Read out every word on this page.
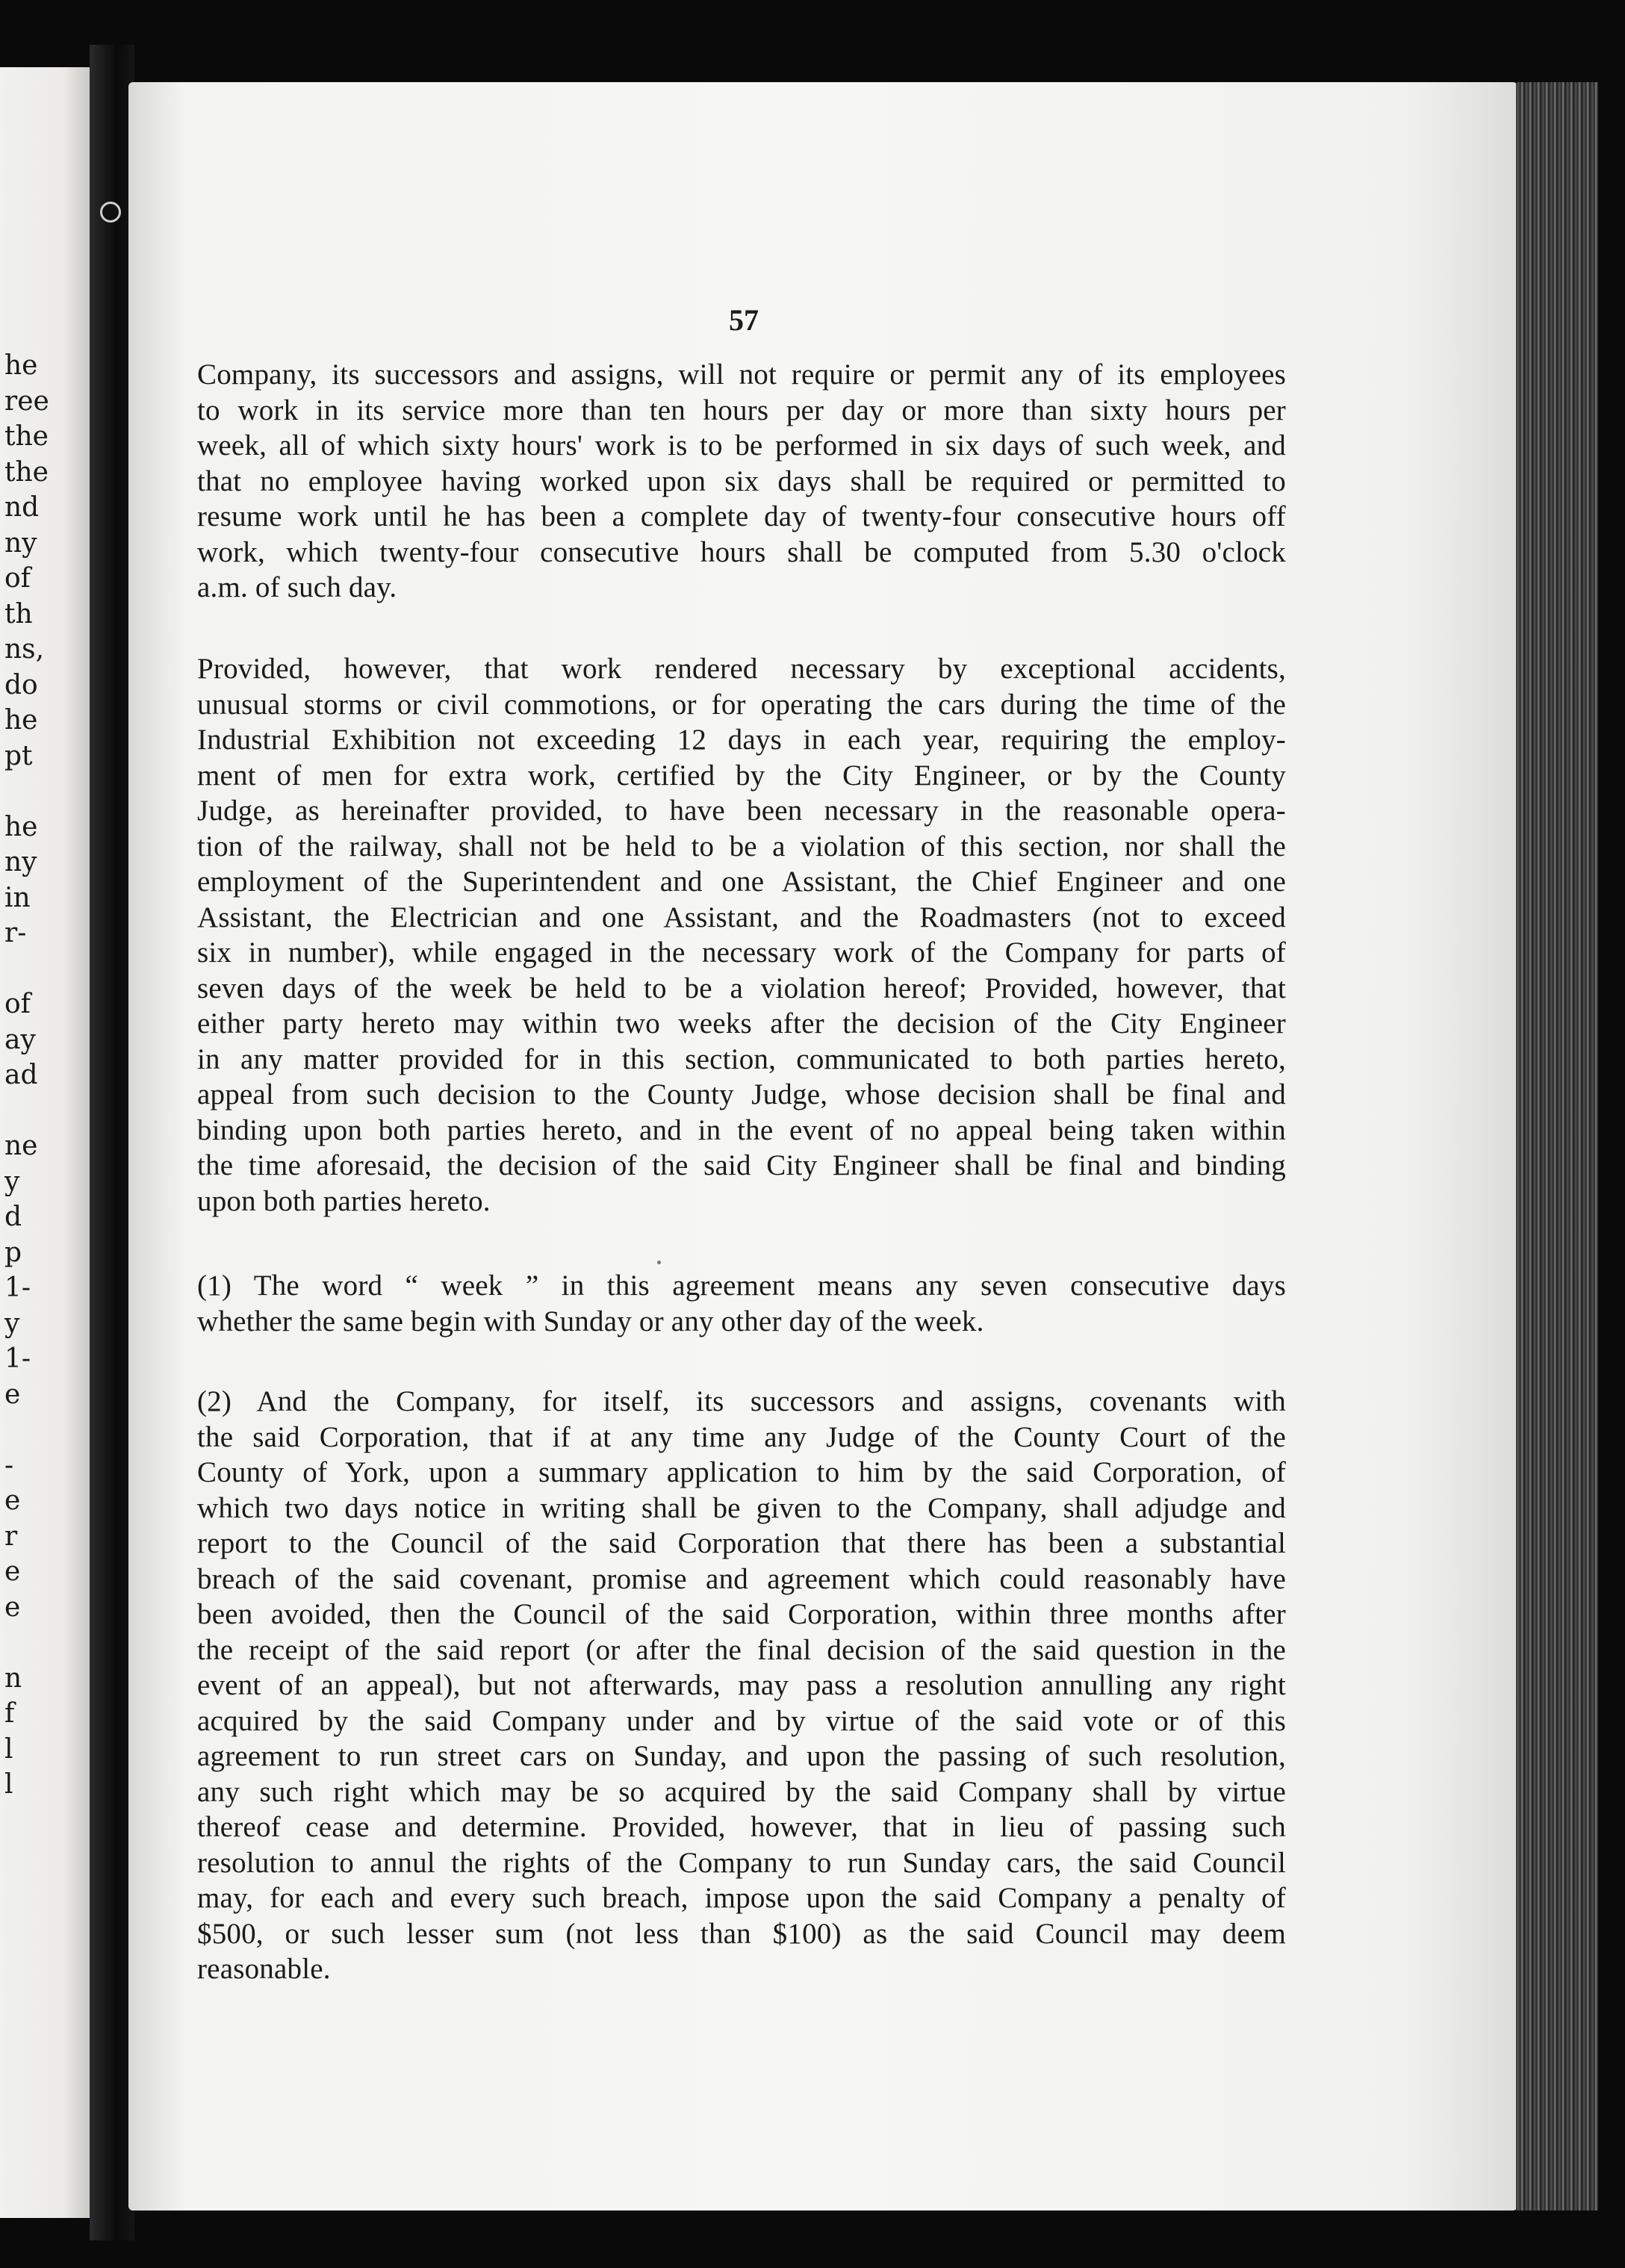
he
ree
the
the
nd
ny
of
th
ns,
do
he
pt
he
ny
in
r-
of
ay
ad
ne
y
d
p
1-
y
1-
e
-
e
r
e
e
n
f
l
l
57
Company, its successors and assigns, will not require or permit any of its employees
to work in its service more than ten hours per day or more than sixty hours per
week, all of which sixty hours' work is to be performed in six days of such week, and
that no employee having worked upon six days shall be required or permitted to
resume work until he has been a complete day of twenty-four consecutive hours off
work, which twenty-four consecutive hours shall be computed from 5.30 o'clock
a.m. of such day.
Provided, however, that work rendered necessary by exceptional accidents,
unusual storms or civil commotions, or for operating the cars during the time of the
Industrial Exhibition not exceeding 12 days in each year, requiring the employ-
ment of men for extra work, certified by the City Engineer, or by the County
Judge, as hereinafter provided, to have been necessary in the reasonable opera-
tion of the railway, shall not be held to be a violation of this section, nor shall the
employment of the Superintendent and one Assistant, the Chief Engineer and one
Assistant, the Electrician and one Assistant, and the Roadmasters (not to exceed
six in number), while engaged in the necessary work of the Company for parts of
seven days of the week be held to be a violation hereof; Provided, however, that
either party hereto may within two weeks after the decision of the City Engineer
in any matter provided for in this section, communicated to both parties hereto,
appeal from such decision to the County Judge, whose decision shall be final and
binding upon both parties hereto, and in the event of no appeal being taken within
the time aforesaid, the decision of the said City Engineer shall be final and binding
upon both parties hereto.
(1) The word “ week ” in this agreement means any seven consecutive days
whether the same begin with Sunday or any other day of the week.
(2) And the Company, for itself, its successors and assigns, covenants with
the said Corporation, that if at any time any Judge of the County Court of the
County of York, upon a summary application to him by the said Corporation, of
which two days notice in writing shall be given to the Company, shall adjudge and
report to the Council of the said Corporation that there has been a substantial
breach of the said covenant, promise and agreement which could reasonably have
been avoided, then the Council of the said Corporation, within three months after
the receipt of the said report (or after the final decision of the said question in the
event of an appeal), but not afterwards, may pass a resolution annulling any right
acquired by the said Company under and by virtue of the said vote or of this
agreement to run street cars on Sunday, and upon the passing of such resolution,
any such right which may be so acquired by the said Company shall by virtue
thereof cease and determine. Provided, however, that in lieu of passing such
resolution to annul the rights of the Company to run Sunday cars, the said Council
may, for each and every such breach, impose upon the said Company a penalty of
$500, or such lesser sum (not less than $100) as the said Council may deem
reasonable.
